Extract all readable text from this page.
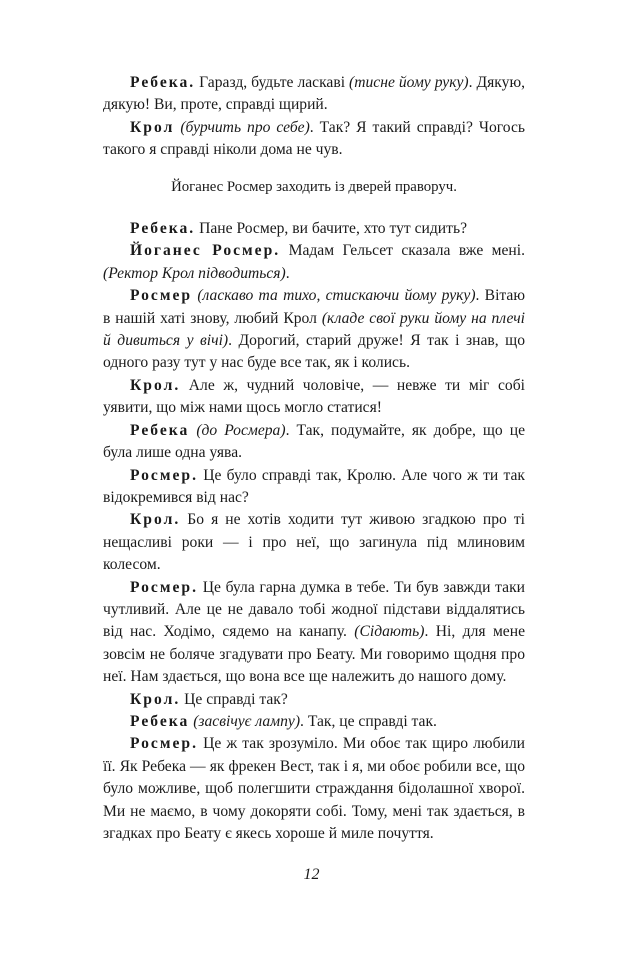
Ребека. Гаразд, будьте ласкаві (тисне йому руку). Дякую, дякую! Ви, проте, справді щирий.

Крол (бурчить про себе). Так? Я такий справді? Чогось такого я справді ніколи дома не чув.

Йоганес Росмер заходить із дверей праворуч.

Ребека. Пане Росмер, ви бачите, хто тут сидить?

Йоганес Росмер. Мадам Гельсет сказала вже мені. (Ректор Крол підводиться).

Росмер (ласкаво та тихо, стискаючи йому руку). Вітаю в нашій хаті знову, любий Крол (кладе свої руки йому на плечі й дивиться у вічі). Дорогий, старий друже! Я так і знав, що одного разу тут у нас буде все так, як і колись.

Крол. Але ж, чудний чоловіче, — невже ти міг собі уявити, що між нами щось могло статися!

Ребека (до Росмера). Так, подумайте, як добре, що це була лише одна уява.

Росмер. Це було справді так, Кролю. Але чого ж ти так відокремився від нас?

Крол. Бо я не хотів ходити тут живою згадкою про ті нещасливі роки — і про неї, що загинула під млиновим колесом.

Росмер. Це була гарна думка в тебе. Ти був завжди таки чутливий. Але це не давало тобі жодної підстави віддалятись від нас. Ходімо, сядемо на канапу. (Сідають). Ні, для мене зовсім не боляче згадувати про Беату. Ми говоримо щодня про неї. Нам здається, що вона все ще належить до нашого дому.

Крол. Це справді так?

Ребека (засвічує лампу). Так, це справді так.

Росмер. Це ж так зрозуміло. Ми обоє так щиро любили її. Як Ребека — як фрекен Вест, так і я, ми обоє робили все, що було можливе, щоб полегшити страждання бідолашної хворої. Ми не маємо, в чому докоряти собі. Тому, мені так здається, в згадках про Беату є якесь хороше й миле почуття.

12
